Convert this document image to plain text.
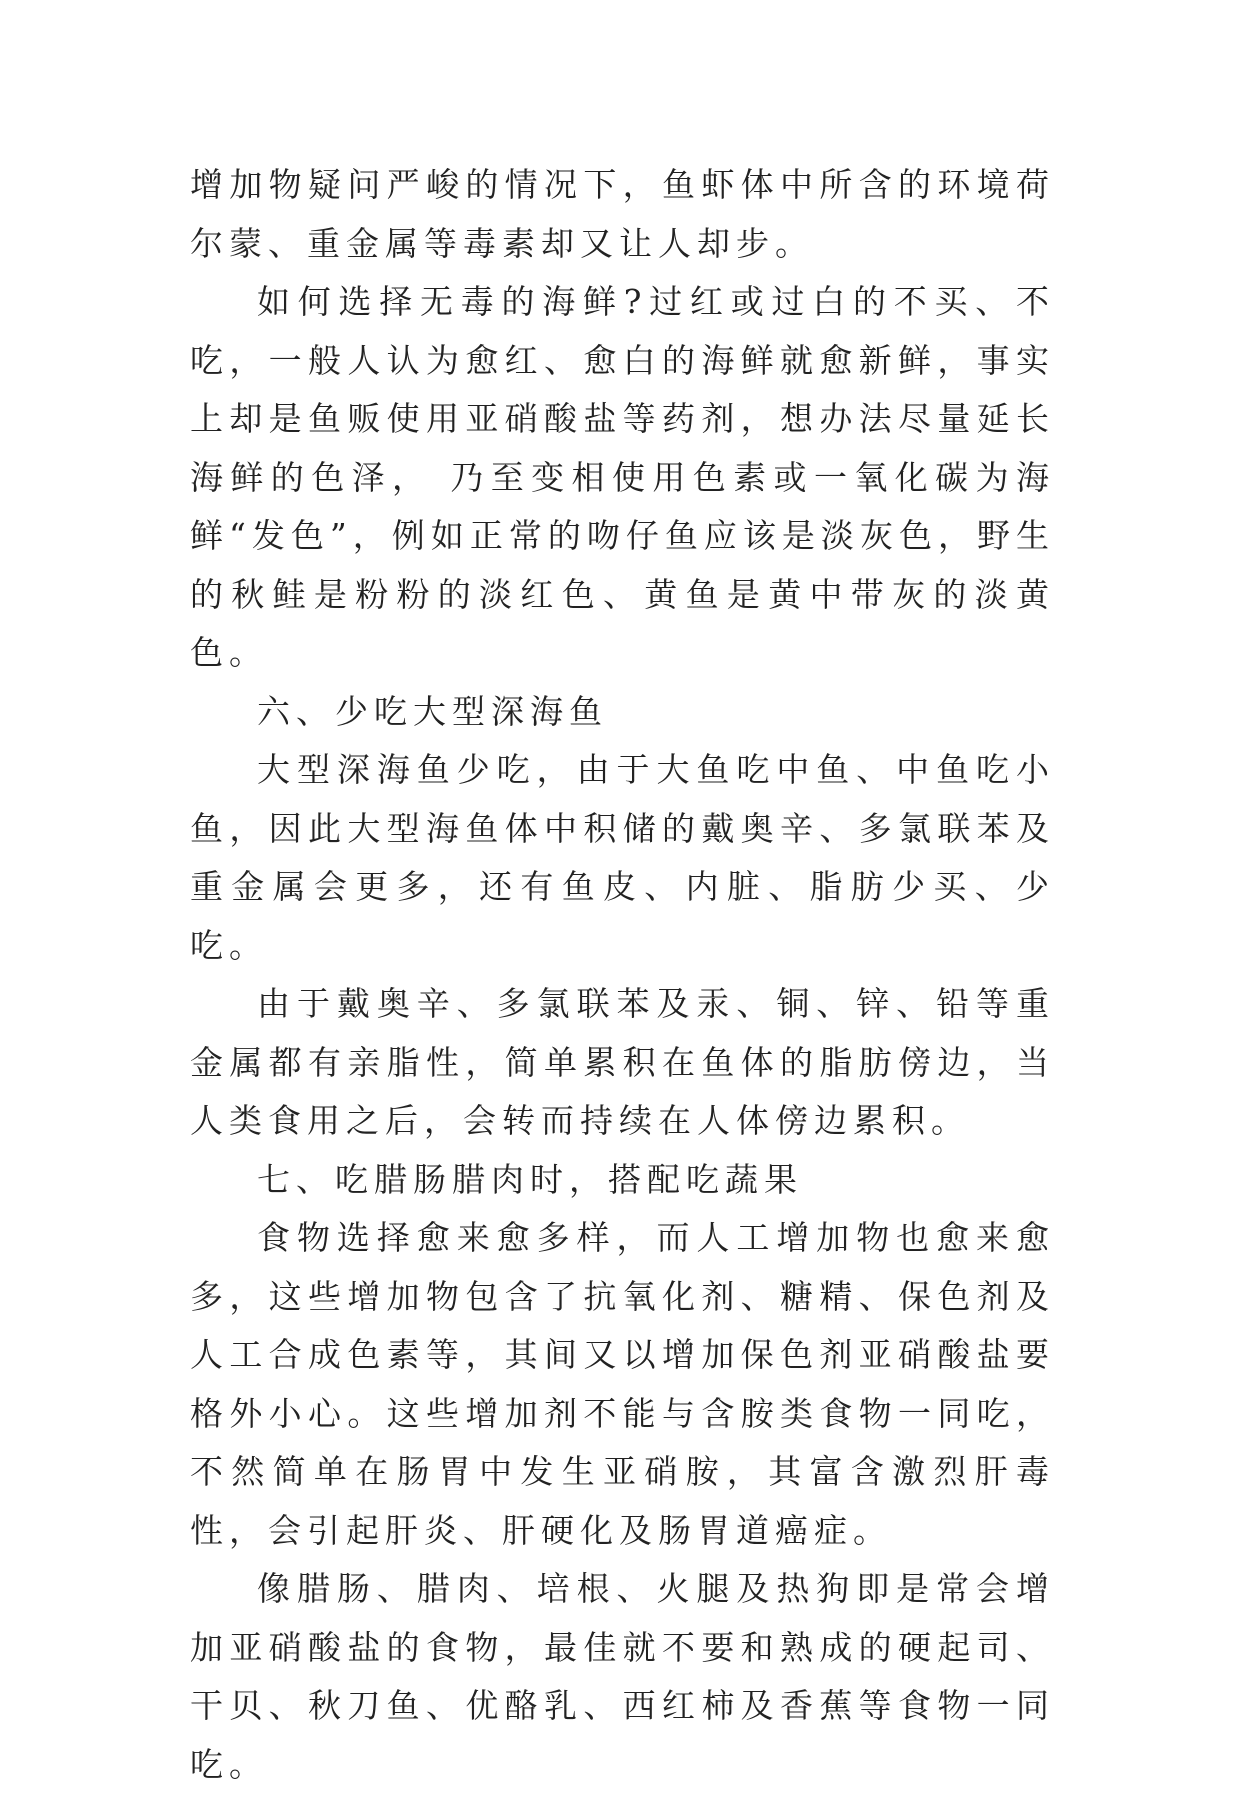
增加物疑问严峻的情况下，鱼虾体中所含的环境荷尔蒙、重金属等毒素却又让人却步。

如何选择无毒的海鲜?过红或过白的不买、不吃，一般人认为愈红、愈白的海鲜就愈新鲜，事实上却是鱼贩使用亚硝酸盐等药剂，想办法尽量延长海鲜的色泽， 乃至变相使用色素或一氧化碳为海鲜“发色”，例如正常的吻仔鱼应该是淡灰色，野生的秋鲑是粉粉的淡红色、黄鱼是黄中带灰的淡黄色。

六、少吃大型深海鱼

大型深海鱼少吃，由于大鱼吃中鱼、中鱼吃小鱼，因此大型海鱼体中积储的戴奥辛、多氯联苯及重金属会更多，还有鱼皮、内脏、脂肪少买、少吃。

由于戴奥辛、多氯联苯及汞、铜、锌、铅等重金属都有亲脂性，简单累积在鱼体的脂肪傍边，当人类食用之后，会转而持续在人体傍边累积。

七、吃腊肠腊肉时，搭配吃蔬果

食物选择愈来愈多样，而人工增加物也愈来愈多，这些增加物包含了抗氧化剂、糖精、保色剂及人工合成色素等，其间又以增加保色剂亚硝酸盐要格外小心。这些增加剂不能与含胺类食物一同吃，不然简单在肠胃中发生亚硝胺，其富含激烈肝毒性，会引起肝炎、肝硬化及肠胃道癌症。

像腊肠、腊肉、培根、火腿及热狗即是常会增加亚硝酸盐的食物，最佳就不要和熟成的硬起司、干贝、秋刀鱼、优酪乳、西红柿及香蕉等食物一同吃。
